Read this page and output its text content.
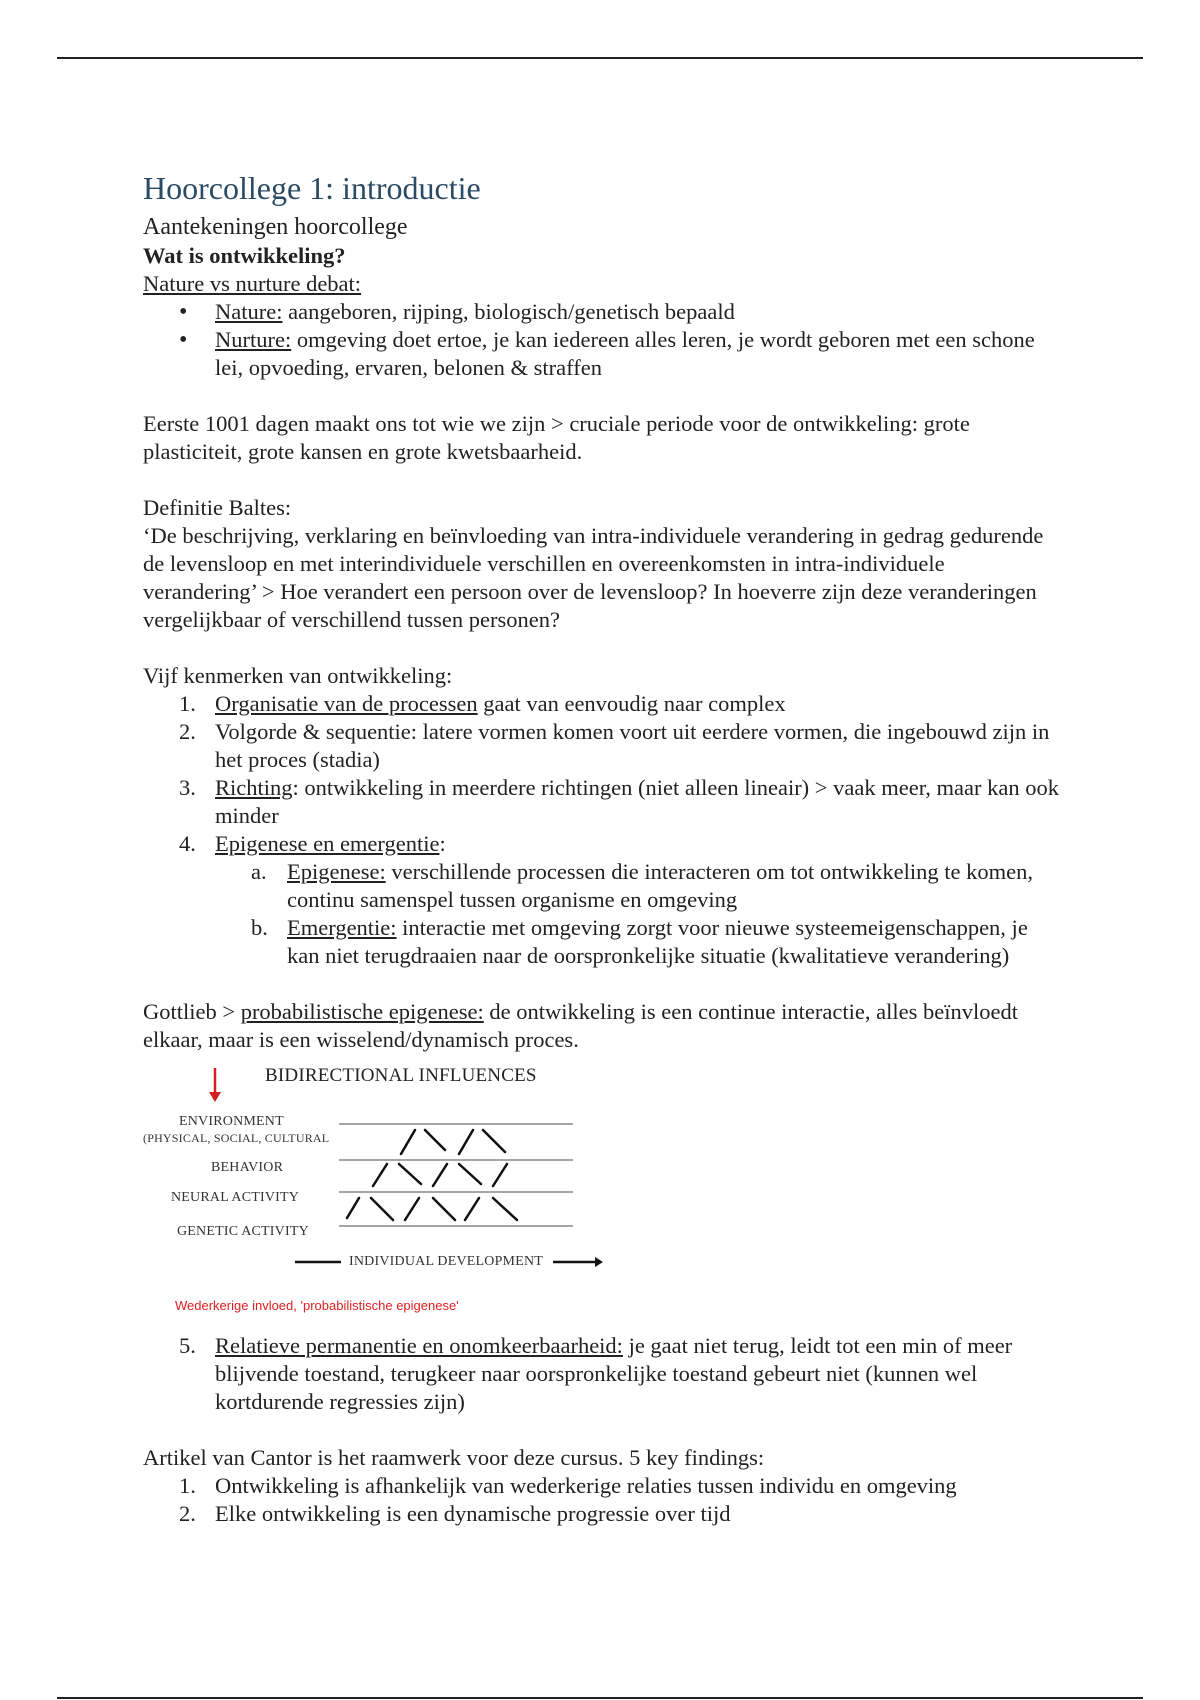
Hoorcollege 1: introductie
Aantekeningen hoorcollege

Wat is ontwikkeling?

Nature vs nurture debat:

• Nature: aangeboren, rijping, biologisch/genetisch bepaald
• Nurture: omgeving doet ertoe, je kan iedereen alles leren, je wordt geboren met een schone lei, opvoeding, ervaren, belonen & straffen

Eerste 1001 dagen maakt ons tot wie we zijn > cruciale periode voor de ontwikkeling: grote plasticiteit, grote kansen en grote kwetsbaarheid.

Definitie Baltes:

‘De beschrijving, verklaring en beïnvloeding van intra-individuele verandering in gedrag gedurende de levensloop en met interindividuele verschillen en overeenkomsten in intra-individuele verandering’ > Hoe verandert een persoon over de levensloop? In hoeverre zijn deze veranderingen vergelijkbaar of verschillend tussen personen?

Vijf kenmerken van ontwikkeling:

1. Organisatie van de processen gaat van eenvoudig naar complex
2. Volgorde & sequentie: latere vormen komen voort uit eerdere vormen, die ingebouwd zijn in het proces (stadia)
3. Richting: ontwikkeling in meerdere richtingen (niet alleen lineair) > vaak meer, maar kan ook minder
4. Epigenese en emergentie:
a. Epigenese: verschillende processen die interacteren om tot ontwikkeling te komen, continu samenspel tussen organisme en omgeving
b. Emergentie: interactie met omgeving zorgt voor nieuwe systeemeigenschappen, je kan niet terugdraaien naar de oorspronkelijke situatie (kwalitatieve verandering)

Gottlieb > probabilistische epigenese: de ontwikkeling is een continue interactie, alles beïnvloedt elkaar, maar is een wisselend/dynamisch proces.

BIDIRECTIONAL INFLUENCES
ENVIRONMENT
(PHYSICAL, SOCIAL, CULTURAL
BEHAVIOR
NEURAL ACTIVITY
GENETIC ACTIVITY
INDIVIDUAL DEVELOPMENT
Wederkerige invloed, 'probabilistische epigenese'
5. Relatieve permanentie en onomkeerbaarheid: je gaat niet terug, leidt tot een min of meer blijvende toestand, terugkeer naar oorspronkelijke toestand gebeurt niet (kunnen wel kortdurende regressies zijn)

Artikel van Cantor is het raamwerk voor deze cursus. 5 key findings:

1. Ontwikkeling is afhankelijk van wederkerige relaties tussen individu en omgeving
2. Elke ontwikkeling is een dynamische progressie over tijd
